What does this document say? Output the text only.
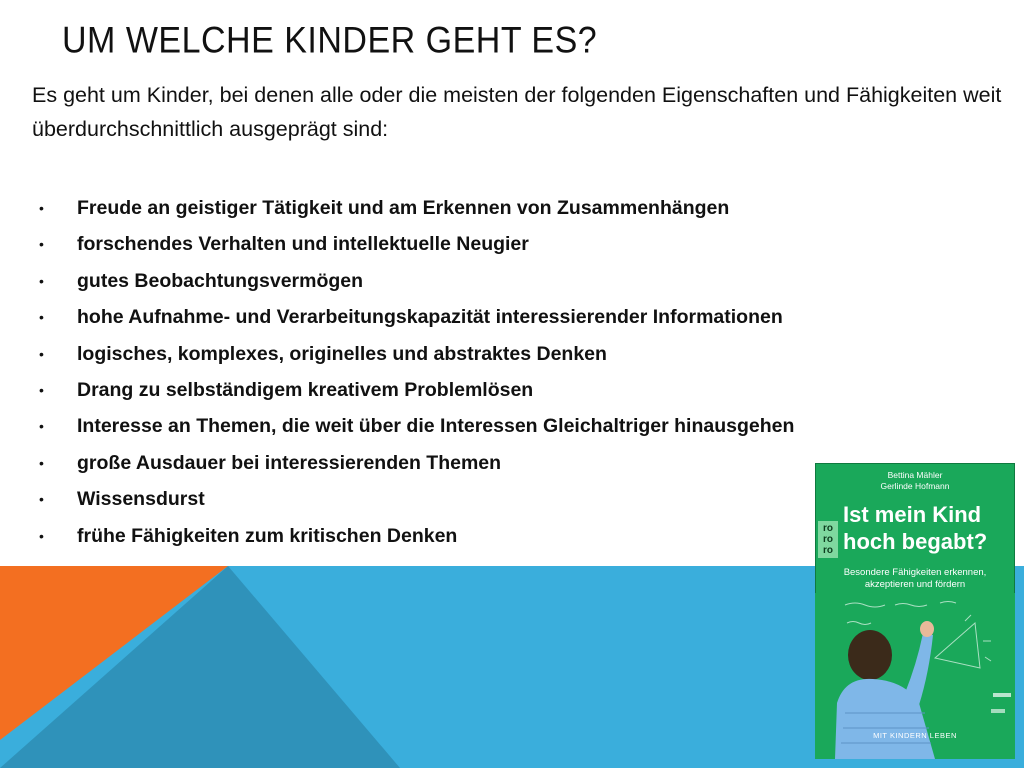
UM WELCHE KINDER GEHT ES?

Es geht um Kinder, bei denen alle oder die meisten der folgenden Eigenschaften und Fähigkeiten weit überdurchschnittlich ausgeprägt sind:

• Freude an geistiger Tätigkeit und am Erkennen von Zusammenhängen
• forschendes Verhalten und intellektuelle Neugier
• gutes Beobachtungsvermögen
• hohe Aufnahme- und Verarbeitungskapazität interessierender Informationen
• logisches, komplexes, originelles und abstraktes Denken
• Drang zu selbständigem kreativem Problemlösen
• Interesse an Themen, die weit über die Interessen Gleichaltriger hinausgehen
• große Ausdauer bei interessierenden Themen
• Wissensdurst
• frühe Fähigkeiten zum kritischen Denken
Bettina Mähler
Gerlinde Hofmann
ro
ro
ro
Ist mein Kind
hoch begabt?
Besondere Fähigkeiten erkennen,
akzeptieren und fördern
MIT KINDERN LEBEN
